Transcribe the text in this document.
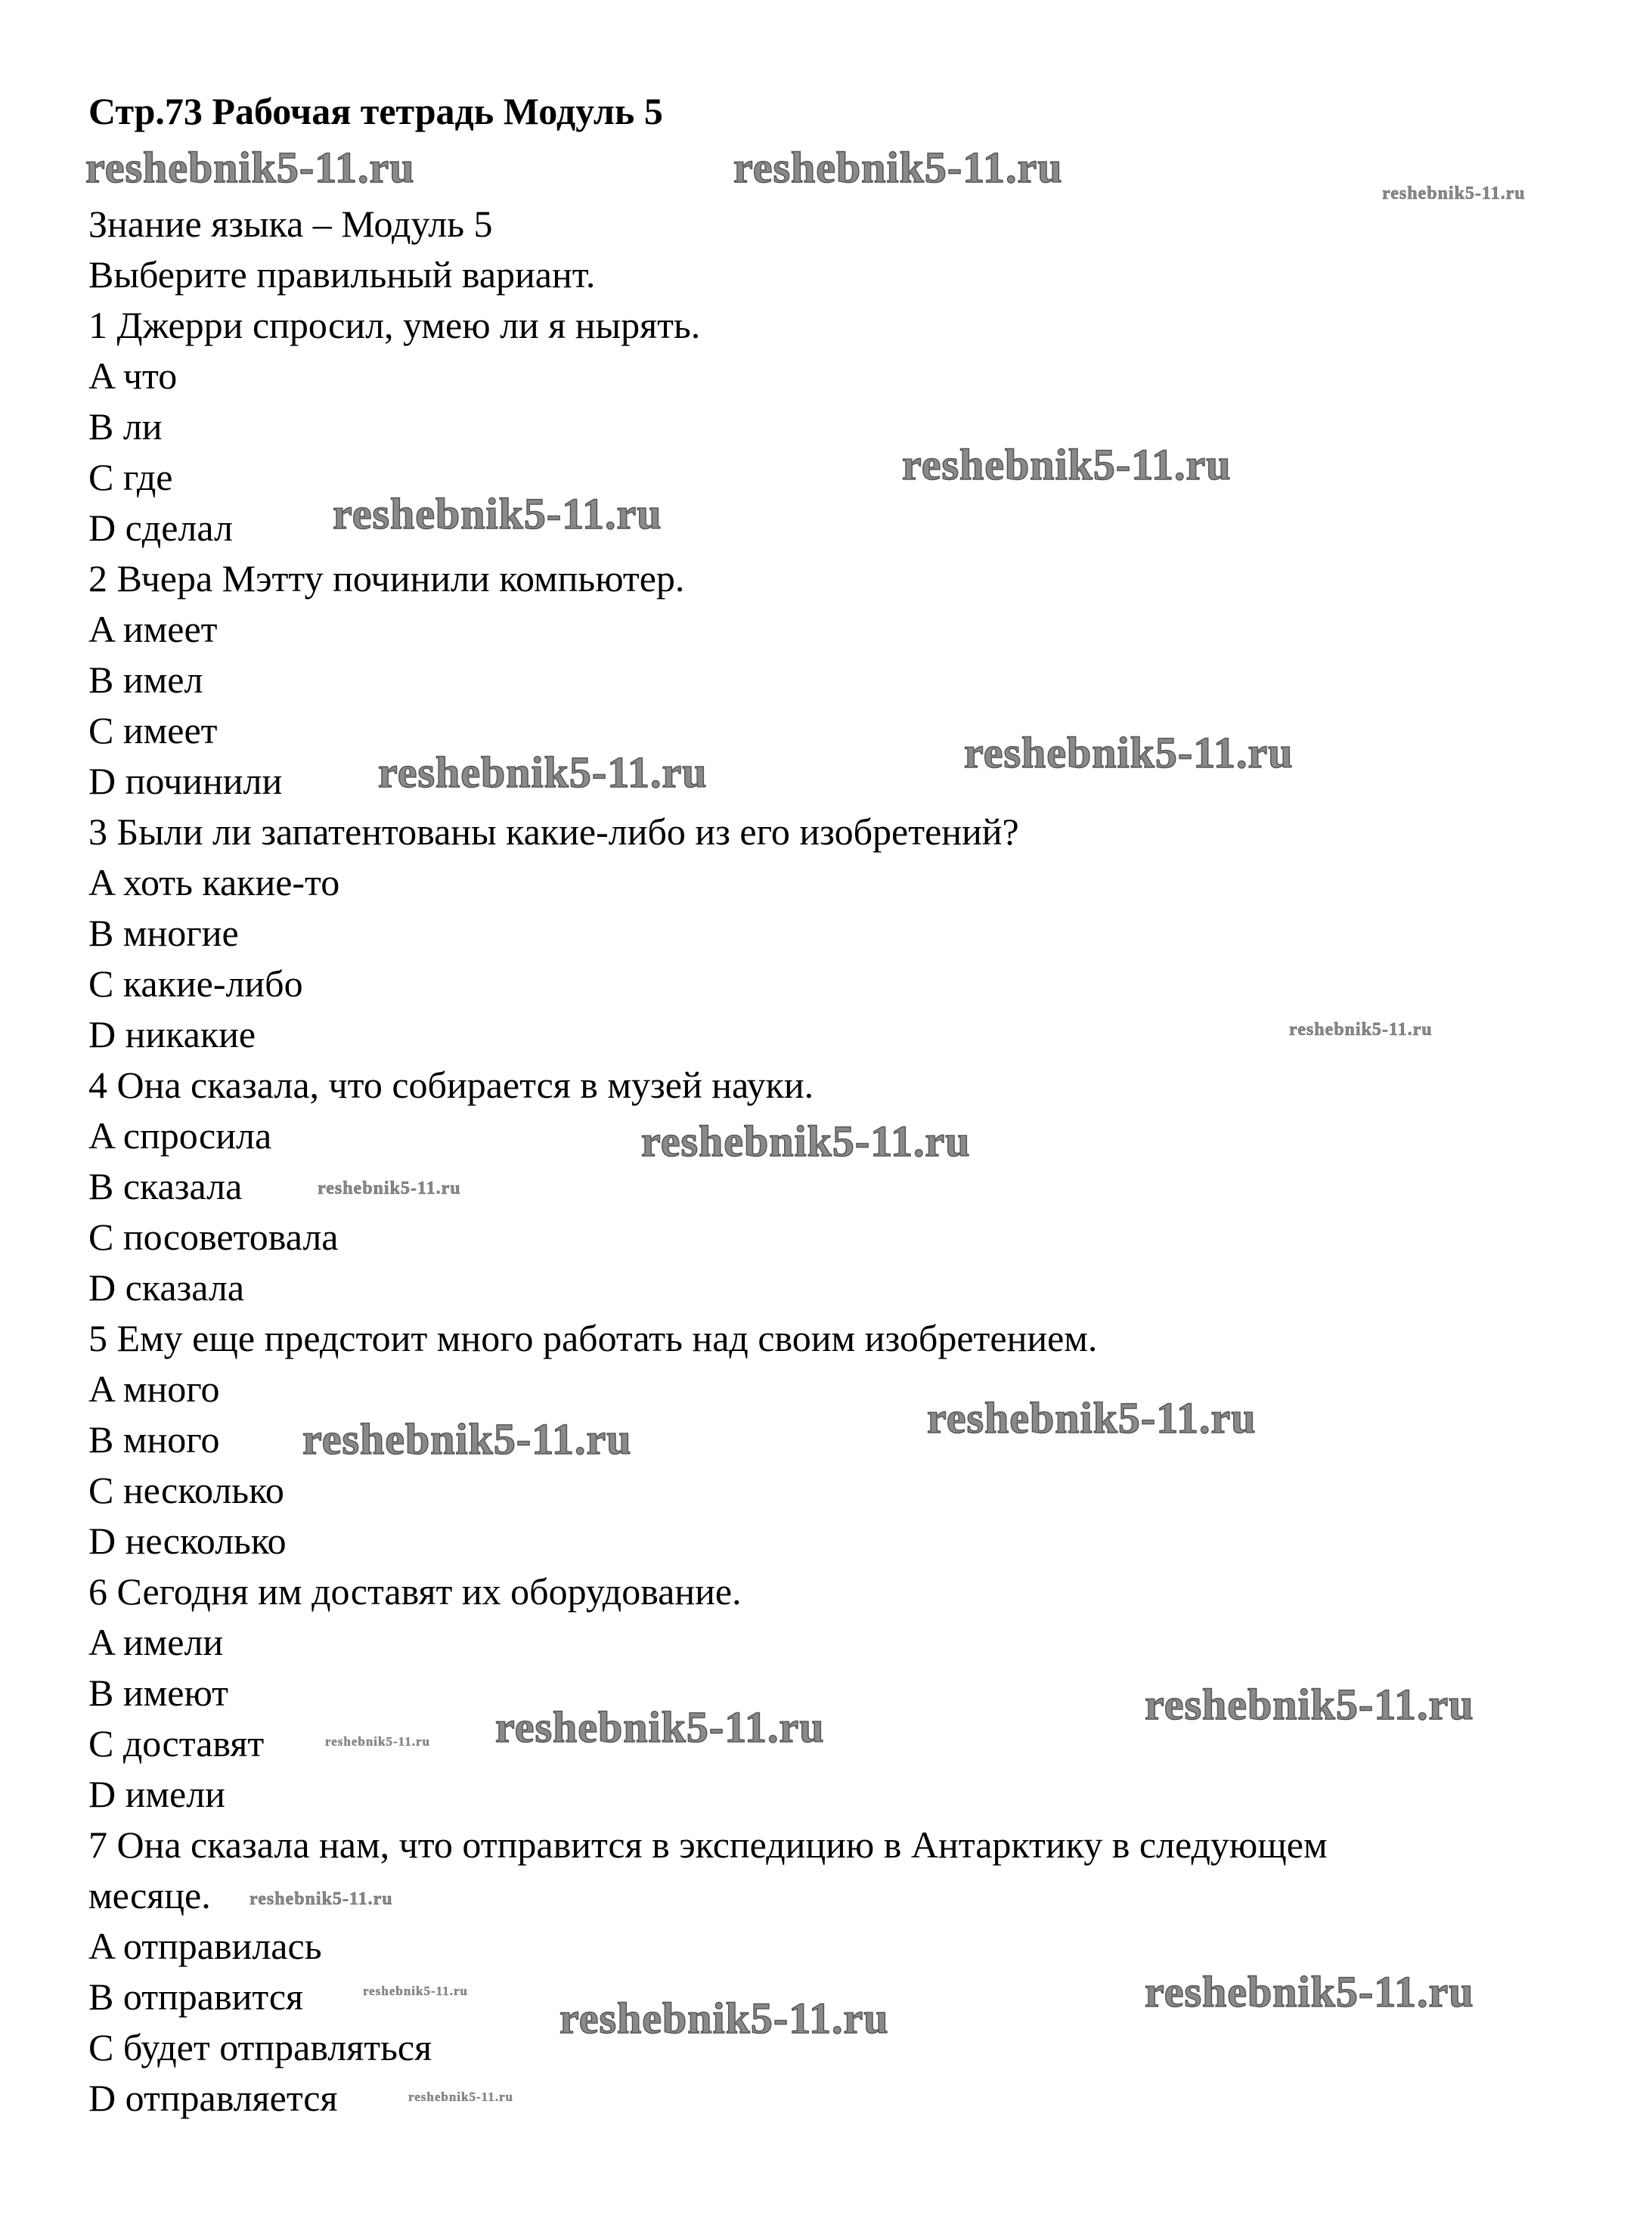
Стр.73 Рабочая тетрадь Модуль 5
Знание языка – Модуль 5
Выберите правильный вариант.
1 Джерри спросил, умею ли я нырять.
A что
B ли
C где
D сделал
2 Вчера Мэтту починили компьютер.
A имеет
B имел
C имеет
D починили
3 Были ли запатентованы какие-либо из его изобретений?
A хоть какие-то
B многие
C какие-либо
D никакие
4 Она сказала, что собирается в музей науки.
A спросила
B сказала
C посоветовала
D сказала
5 Ему еще предстоит много работать над своим изобретением.
A много
B много
C несколько
D несколько
6 Сегодня им доставят их оборудование.
A имели
B имеют
C доставят
D имели
7 Она сказала нам, что отправится в экспедицию в Антарктику в следующем
месяце.
A отправилась
B отправится
C будет отправляться
D отправляется
reshebnik5-11.ru	reshebnik5-11.ru
reshebnik5-11.ru
reshebnik5-11.ru
reshebnik5-11.ru
reshebnik5-11.ru
reshebnik5-11.ru
reshebnik5-11.ru
reshebnik5-11.ru
reshebnik5-11.ru
reshebnik5-11.ru
reshebnik5-11.ru
reshebnik5-11.ru
reshebnik5-11.ru
reshebnik5-11.ru
reshebnik5-11.ru
reshebnik5-11.ru
reshebnik5-11.ru
reshebnik5-11.ru
reshebnik5-11.ru
